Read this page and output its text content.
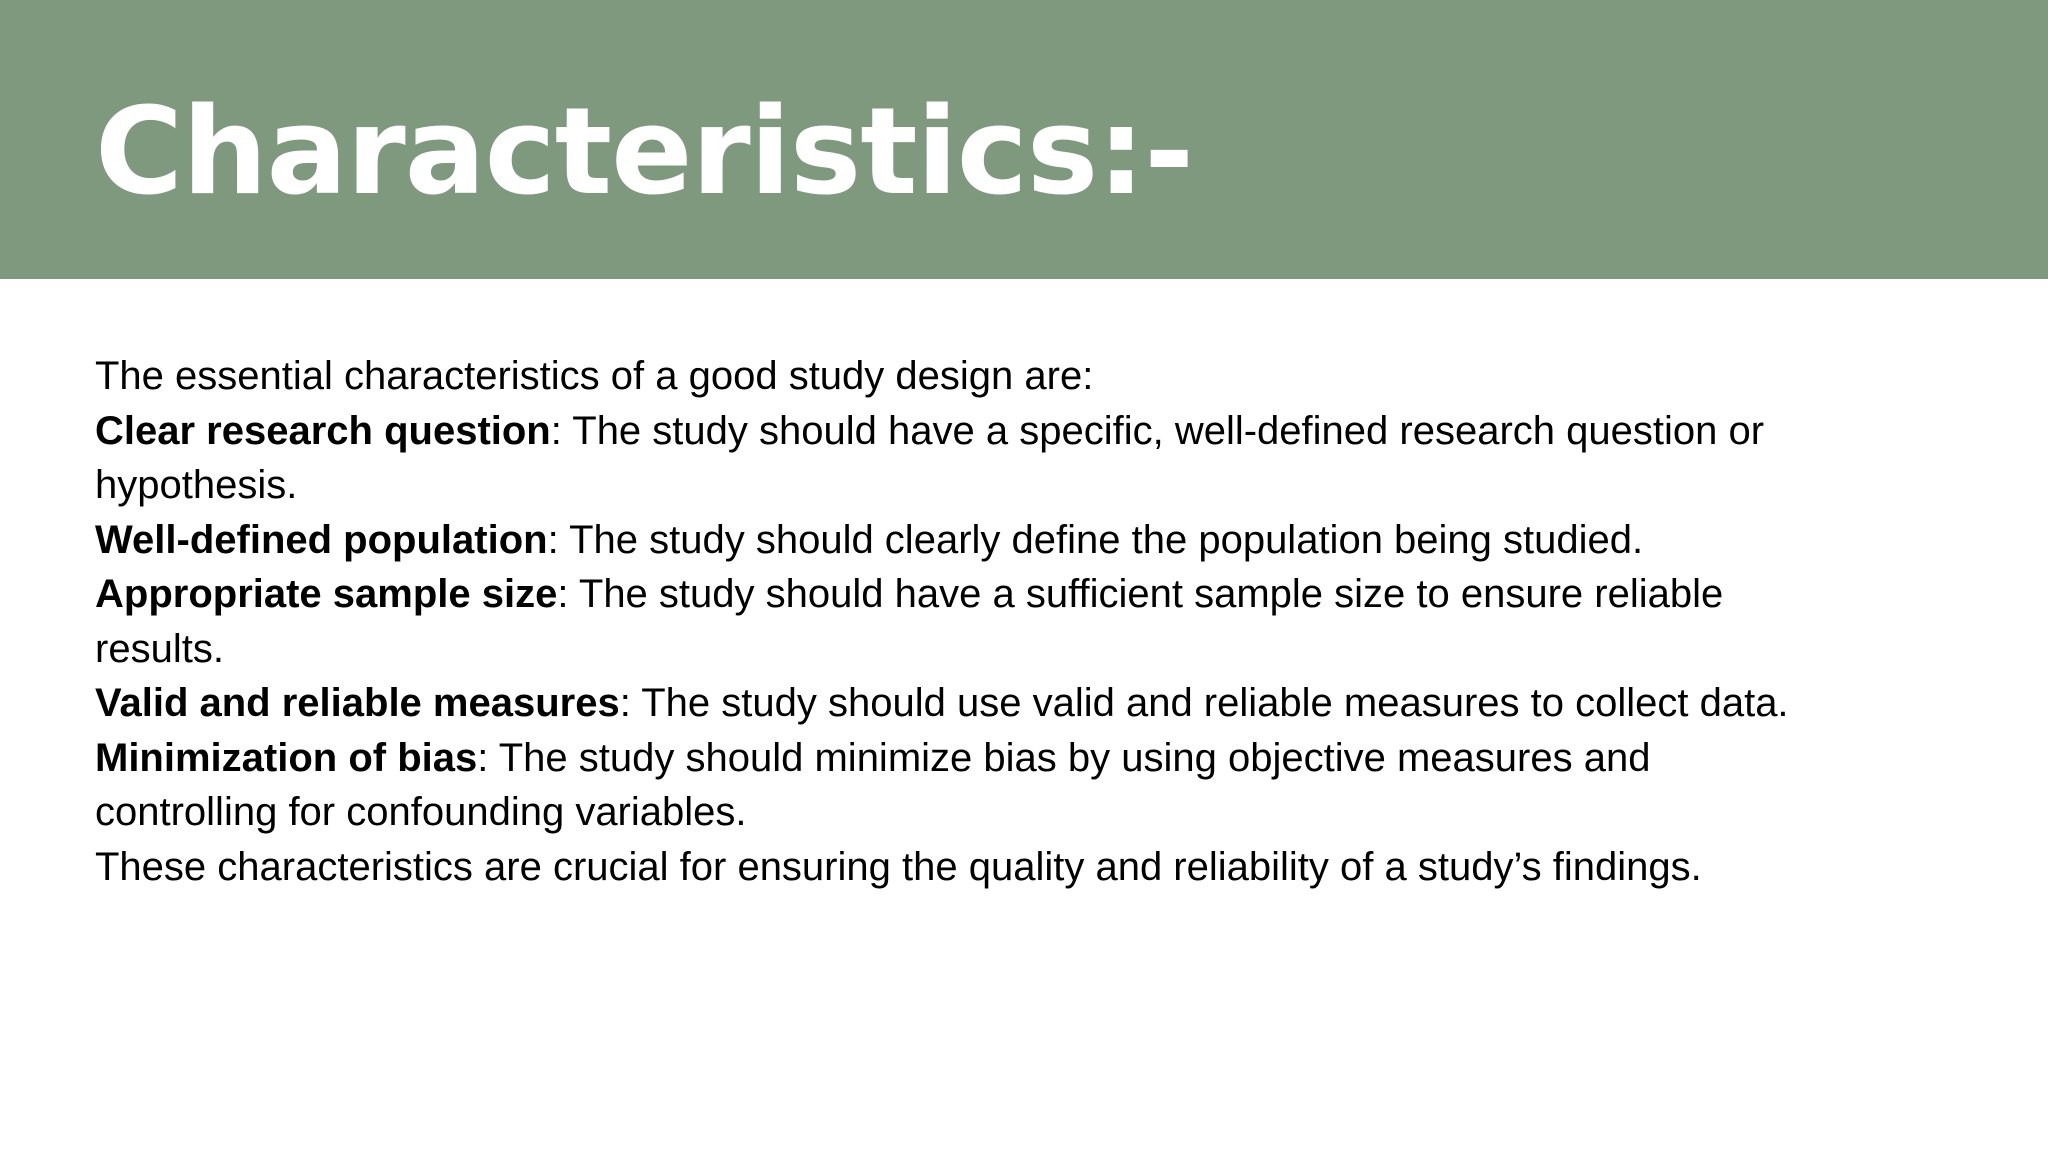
Characteristics:-

The essential characteristics of a good study design are:

Clear research question: The study should have a specific, well-defined research question or hypothesis.

Well-defined population: The study should clearly define the population being studied.

Appropriate sample size: The study should have a sufficient sample size to ensure reliable results.

Valid and reliable measures: The study should use valid and reliable measures to collect data.

Minimization of bias: The study should minimize bias by using objective measures and controlling for confounding variables.

These characteristics are crucial for ensuring the quality and reliability of a study’s findings.
